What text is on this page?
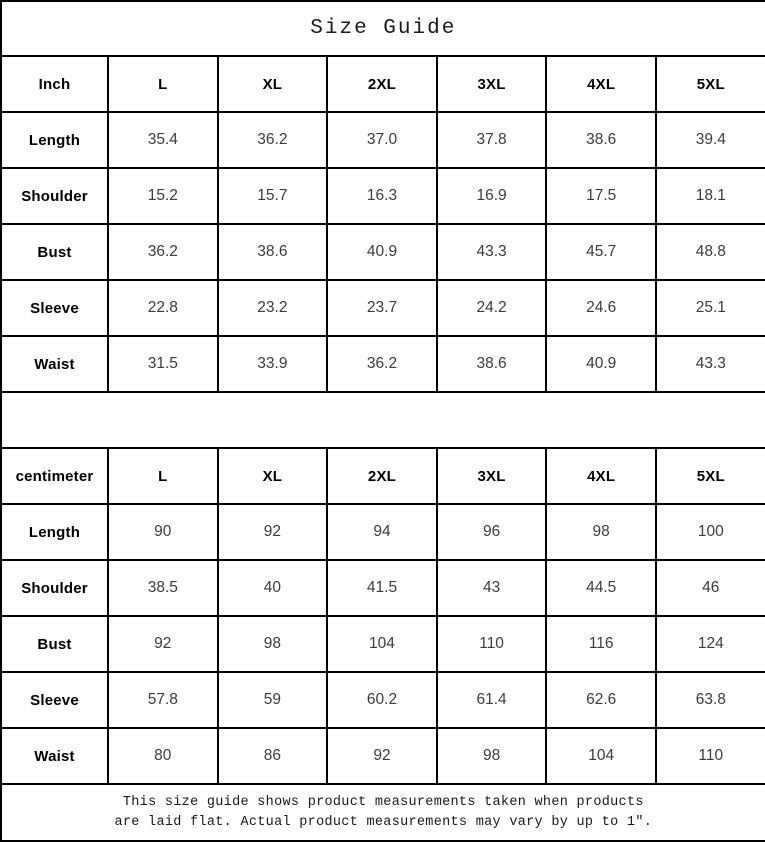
Size Guide						
Inch	L	XL	2XL	3XL	4XL	5XL
Length	35.4	36.2	37.0	37.8	38.6	39.4
Shoulder	15.2	15.7	16.3	16.9	17.5	18.1
Bust	36.2	38.6	40.9	43.3	45.7	48.8
Sleeve	22.8	23.2	23.7	24.2	24.6	25.1
Waist	31.5	33.9	36.2	38.6	40.9	43.3

centimeter	L	XL	2XL	3XL	4XL	5XL
Length	90	92	94	96	98	100
Shoulder	38.5	40	41.5	43	44.5	46
Bust	92	98	104	110	116	124
Sleeve	57.8	59	60.2	61.4	62.6	63.8
Waist	80	86	92	98	104	110

This size guide shows product measurements taken when products
are laid flat. Actual product measurements may vary by up to 1″.						
